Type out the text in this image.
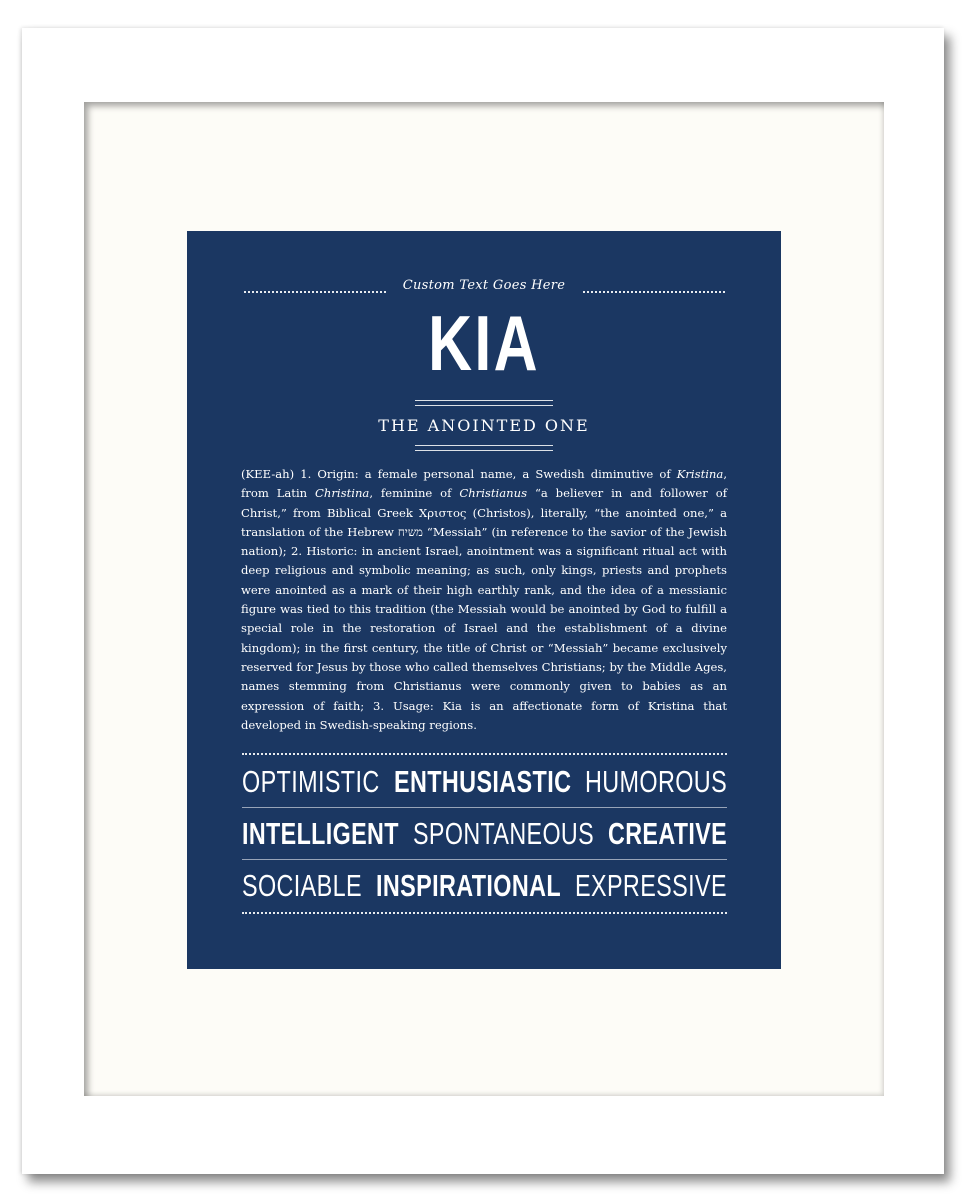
Custom Text Goes Here
KIA
THE ANOINTED ONE
(KEE-ah) 1. Origin: a female personal name, a Swedish diminutive of Kristina, from Latin Christina, feminine of Christianus “a believer in and follower of Christ,” from Biblical Greek Χριστος (Christos), literally, “the anointed one,” a translation of the Hebrew משיח “Messiah” (in reference to the savior of the Jewish nation); 2. Historic: in ancient Israel, anointment was a significant ritual act with deep religious and symbolic meaning; as such, only kings, priests and prophets were anointed as a mark of their high earthly rank, and the idea of a messianic figure was tied to this tradition (the Messiah would be anointed by God to fulfill a special role in the restoration of Israel and the establishment of a divine kingdom); in the first century, the title of Christ or “Messiah” became exclusively reserved for Jesus by those who called themselves Christians; by the Middle Ages, names stemming from Christianus were commonly given to babies as an expression of faith; 3. Usage: Kia is an affectionate form of Kristina that developed in Swedish-speaking regions.
OPTIMISTIC ENTHUSIASTIC HUMOROUS
INTELLIGENT SPONTANEOUS CREATIVE
SOCIABLE INSPIRATIONAL EXPRESSIVE
